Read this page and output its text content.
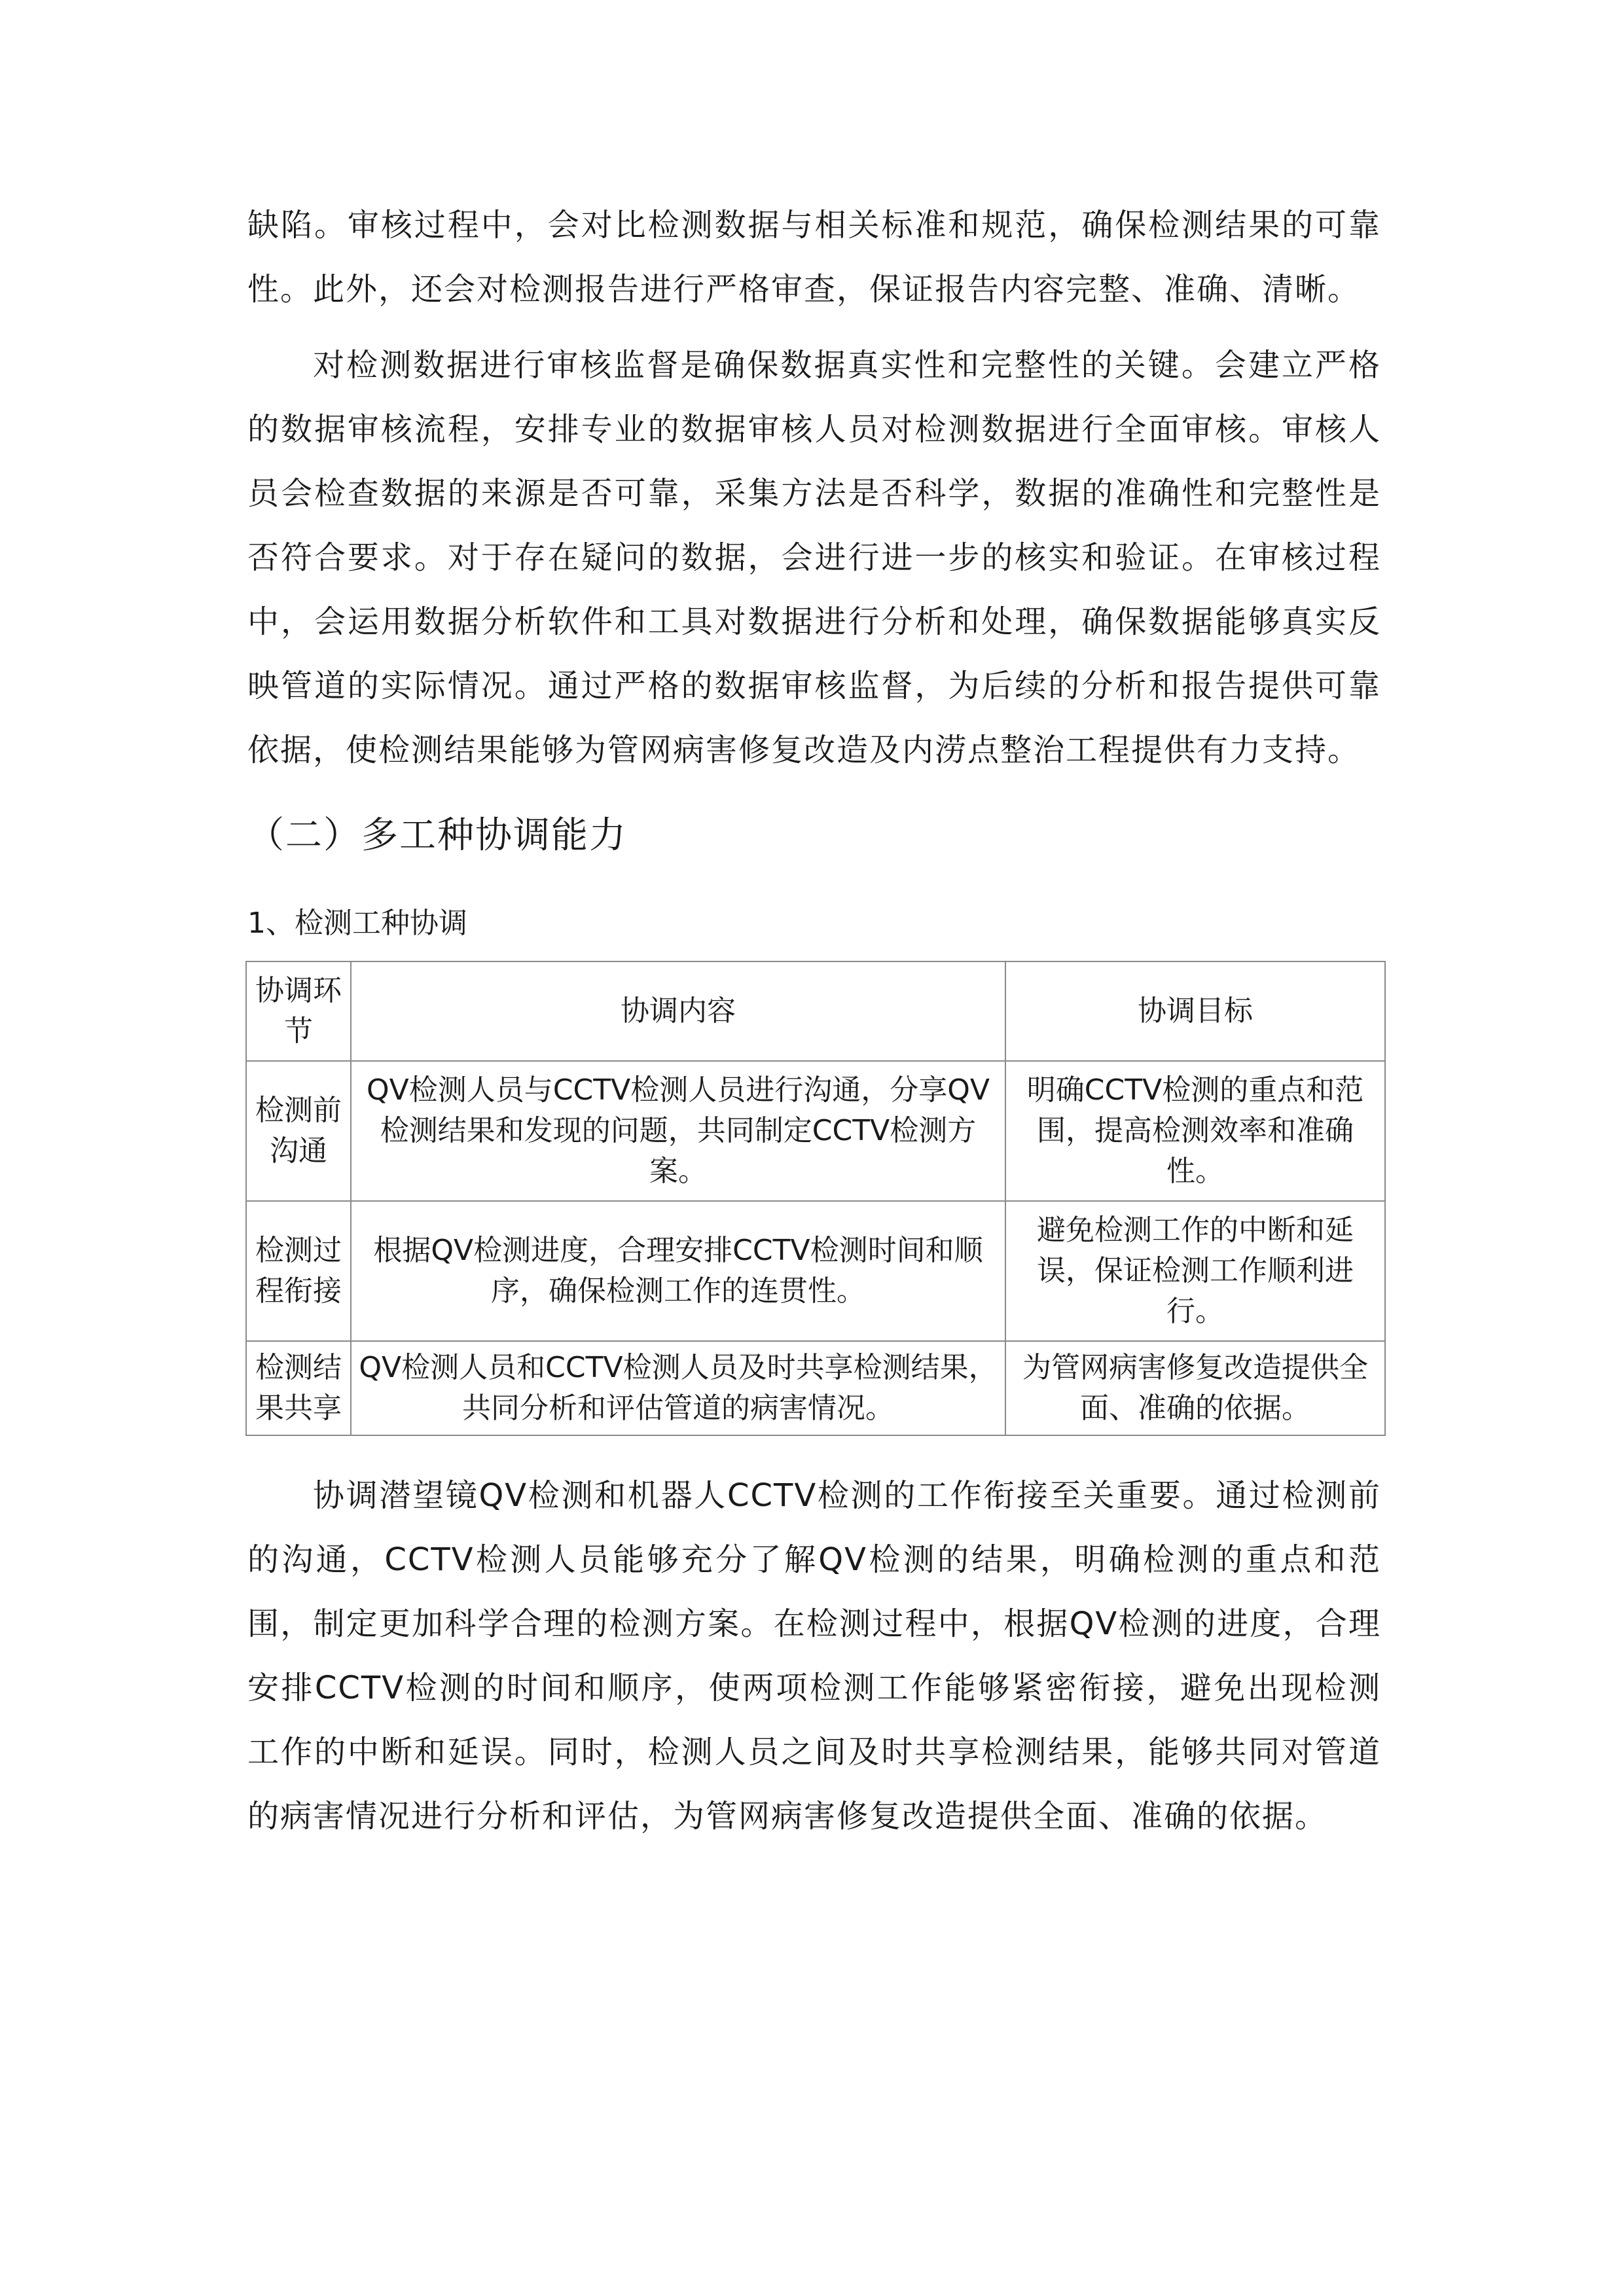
缺陷。审核过程中，会对比检测数据与相关标准和规范，确保检测结果的可靠性。此外，还会对检测报告进行严格审查，保证报告内容完整、准确、清晰。

对检测数据进行审核监督是确保数据真实性和完整性的关键。会建立严格的数据审核流程，安排专业的数据审核人员对检测数据进行全面审核。审核人员会检查数据的来源是否可靠，采集方法是否科学，数据的准确性和完整性是否符合要求。对于存在疑问的数据，会进行进一步的核实和验证。在审核过程中，会运用数据分析软件和工具对数据进行分析和处理，确保数据能够真实反映管道的实际情况。通过严格的数据审核监督，为后续的分析和报告提供可靠依据，使检测结果能够为管网病害修复改造及内涝点整治工程提供有力支持。

（二）多工种协调能力
1、检测工种协调
协调环节	协调内容	协调目标
检测前沟通	QV检测人员与CCTV检测人员进行沟通，分享QV检测结果和发现的问题，共同制定CCTV检测方案。	明确CCTV检测的重点和范围，提高检测效率和准确性。
检测过程衔接	根据QV检测进度，合理安排CCTV检测时间和顺序，确保检测工作的连贯性。	避免检测工作的中断和延误，保证检测工作顺利进行。
检测结果共享	QV检测人员和CCTV检测人员及时共享检测结果，共同分析和评估管道的病害情况。	为管网病害修复改造提供全面、准确的依据。

协调潜望镜QV检测和机器人CCTV检测的工作衔接至关重要。通过检测前的沟通，CCTV检测人员能够充分了解QV检测的结果，明确检测的重点和范围，制定更加科学合理的检测方案。在检测过程中，根据QV检测的进度，合理安排CCTV检测的时间和顺序，使两项检测工作能够紧密衔接，避免出现检测工作的中断和延误。同时，检测人员之间及时共享检测结果，能够共同对管道的病害情况进行分析和评估，为管网病害修复改造提供全面、准确的依据。
